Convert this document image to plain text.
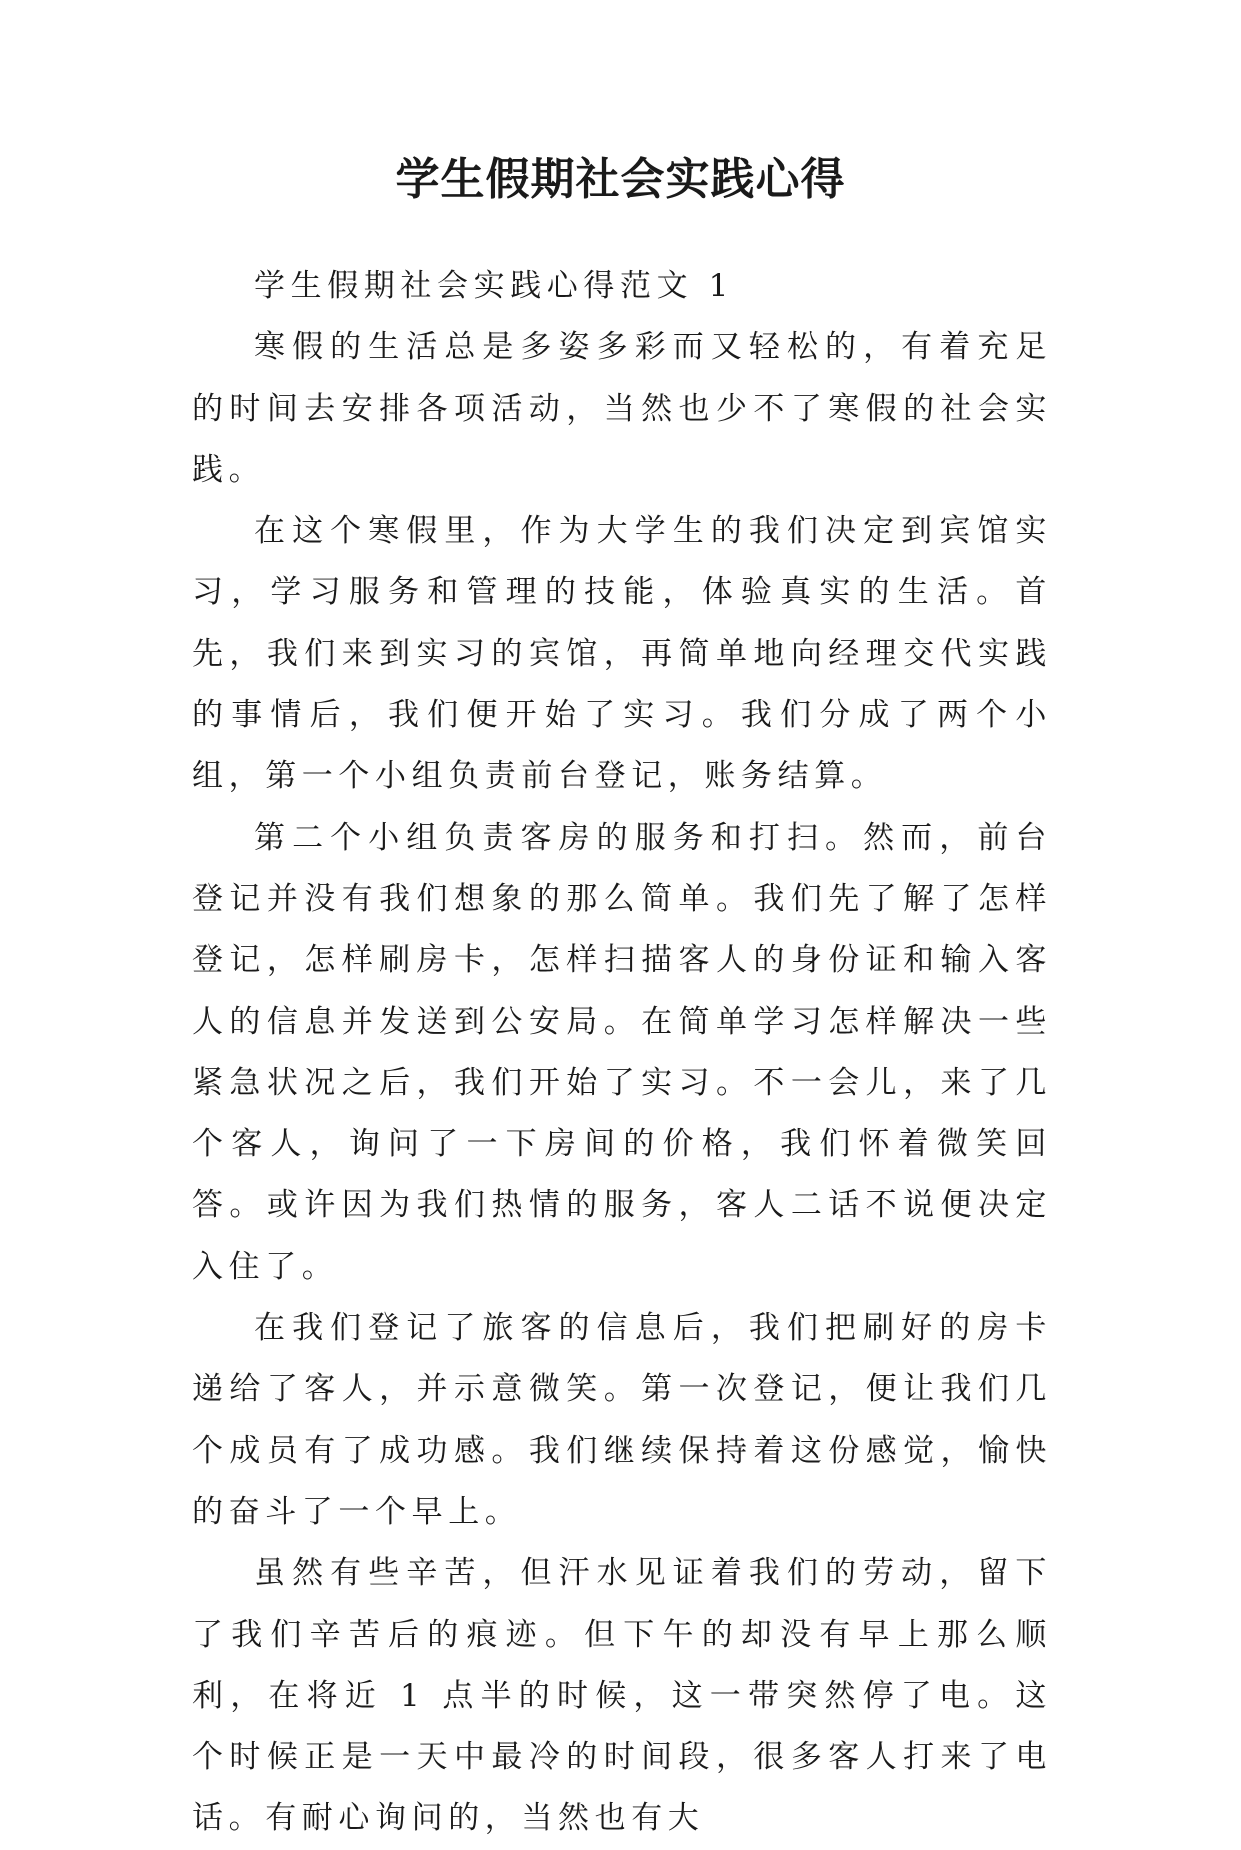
学生假期社会实践心得

学生假期社会实践心得范文 1

寒假的生活总是多姿多彩而又轻松的，有着充足的时间去安排各项活动，当然也少不了寒假的社会实践。

在这个寒假里，作为大学生的我们决定到宾馆实习，学习服务和管理的技能，体验真实的生活。首先，我们来到实习的宾馆，再简单地向经理交代实践的事情后，我们便开始了实习。我们分成了两个小组，第一个小组负责前台登记，账务结算。

第二个小组负责客房的服务和打扫。然而，前台登记并没有我们想象的那么简单。我们先了解了怎样登记，怎样刷房卡，怎样扫描客人的身份证和输入客人的信息并发送到公安局。在简单学习怎样解决一些紧急状况之后，我们开始了实习。不一会儿，来了几个客人，询问了一下房间的价格，我们怀着微笑回答。或许因为我们热情的服务，客人二话不说便决定入住了。

在我们登记了旅客的信息后，我们把刷好的房卡递给了客人，并示意微笑。第一次登记，便让我们几个成员有了成功感。我们继续保持着这份感觉，愉快的奋斗了一个早上。

虽然有些辛苦，但汗水见证着我们的劳动，留下了我们辛苦后的痕迹。但下午的却没有早上那么顺利，在将近 1 点半的时候，这一带突然停了电。这个时候正是一天中最冷的时间段，很多客人打来了电话。有耐心询问的，当然也有大
